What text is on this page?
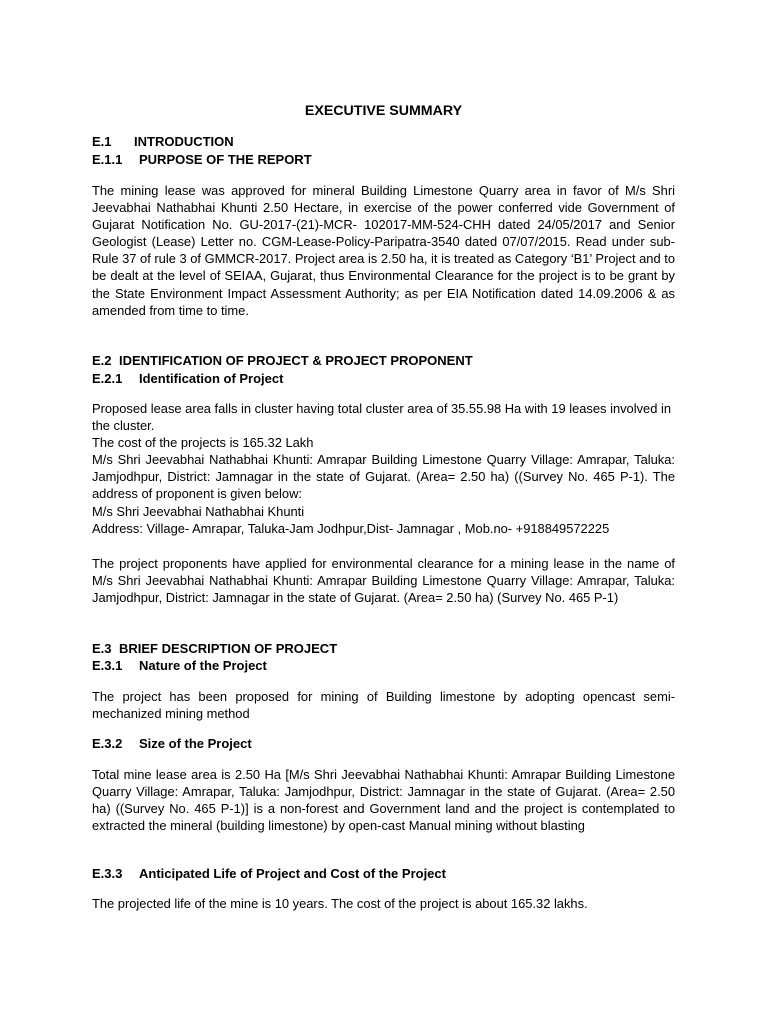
EXECUTIVE SUMMARY
E.1 INTRODUCTION
E.1.1 PURPOSE OF THE REPORT

The mining lease was approved for mineral Building Limestone Quarry area in favor of M/s Shri Jeevabhai Nathabhai Khunti 2.50 Hectare, in exercise of the power conferred vide Government of Gujarat Notification No. GU-2017-(21)-MCR- 102017-MM-524-CHH dated 24/05/2017 and Senior Geologist (Lease) Letter no. CGM-Lease-Policy-Paripatra-3540 dated 07/07/2015. Read under sub-Rule 37 of rule 3 of GMMCR-2017. Project area is 2.50 ha, it is treated as Category ‘B1’ Project and to be dealt at the level of SEIAA, Gujarat, thus Environmental Clearance for the project is to be grant by the State Environment Impact Assessment Authority; as per EIA Notification dated 14.09.2006 & as amended from time to time.

E.2 IDENTIFICATION OF PROJECT & PROJECT PROPONENT
E.2.1 Identification of Project
Proposed lease area falls in cluster having total cluster area of 35.55.98 Ha with 19 leases involved in the cluster.
The cost of the projects is 165.32 Lakh
M/s Shri Jeevabhai Nathabhai Khunti: Amrapar Building Limestone Quarry Village: Amrapar, Taluka: Jamjodhpur, District: Jamnagar in the state of Gujarat. (Area= 2.50 ha) ((Survey No. 465 P-1). The address of proponent is given below:
M/s Shri Jeevabhai Nathabhai Khunti
Address: Village- Amrapar, Taluka-Jam Jodhpur,Dist- Jamnagar , Mob.no- +918849572225

The project proponents have applied for environmental clearance for a mining lease in the name of M/s Shri Jeevabhai Nathabhai Khunti: Amrapar Building Limestone Quarry Village: Amrapar, Taluka: Jamjodhpur, District: Jamnagar in the state of Gujarat. (Area= 2.50 ha) (Survey No. 465 P-1)

E.3 BRIEF DESCRIPTION OF PROJECT
E.3.1 Nature of the Project

The project has been proposed for mining of Building limestone by adopting opencast semi-mechanized mining method

E.3.2 Size of the Project

Total mine lease area is 2.50 Ha [M/s Shri Jeevabhai Nathabhai Khunti: Amrapar Building Limestone Quarry Village: Amrapar, Taluka: Jamjodhpur, District: Jamnagar in the state of Gujarat. (Area= 2.50 ha) ((Survey No. 465 P-1)] is a non-forest and Government land and the project is contemplated to extracted the mineral (building limestone) by open-cast Manual mining without blasting

E.3.3 Anticipated Life of Project and Cost of the Project

The projected life of the mine is 10 years. The cost of the project is about 165.32 lakhs.
